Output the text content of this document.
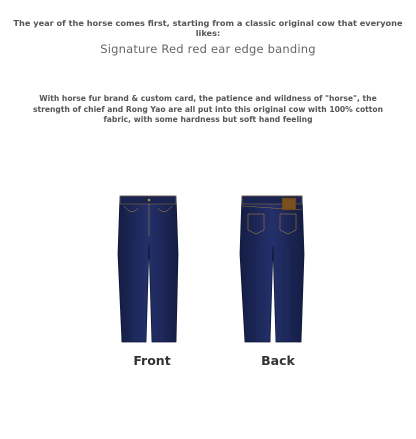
The year of the horse comes first, starting from a classic original cow that everyone likes:
Signature Red red ear edge banding
With horse fur brand & custom card, the patience and wildness of "horse", the strength of chief and Rong Yao are all put into this original cow with 100% cotton fabric, with some hardness but soft hand feeling
Front	Back
